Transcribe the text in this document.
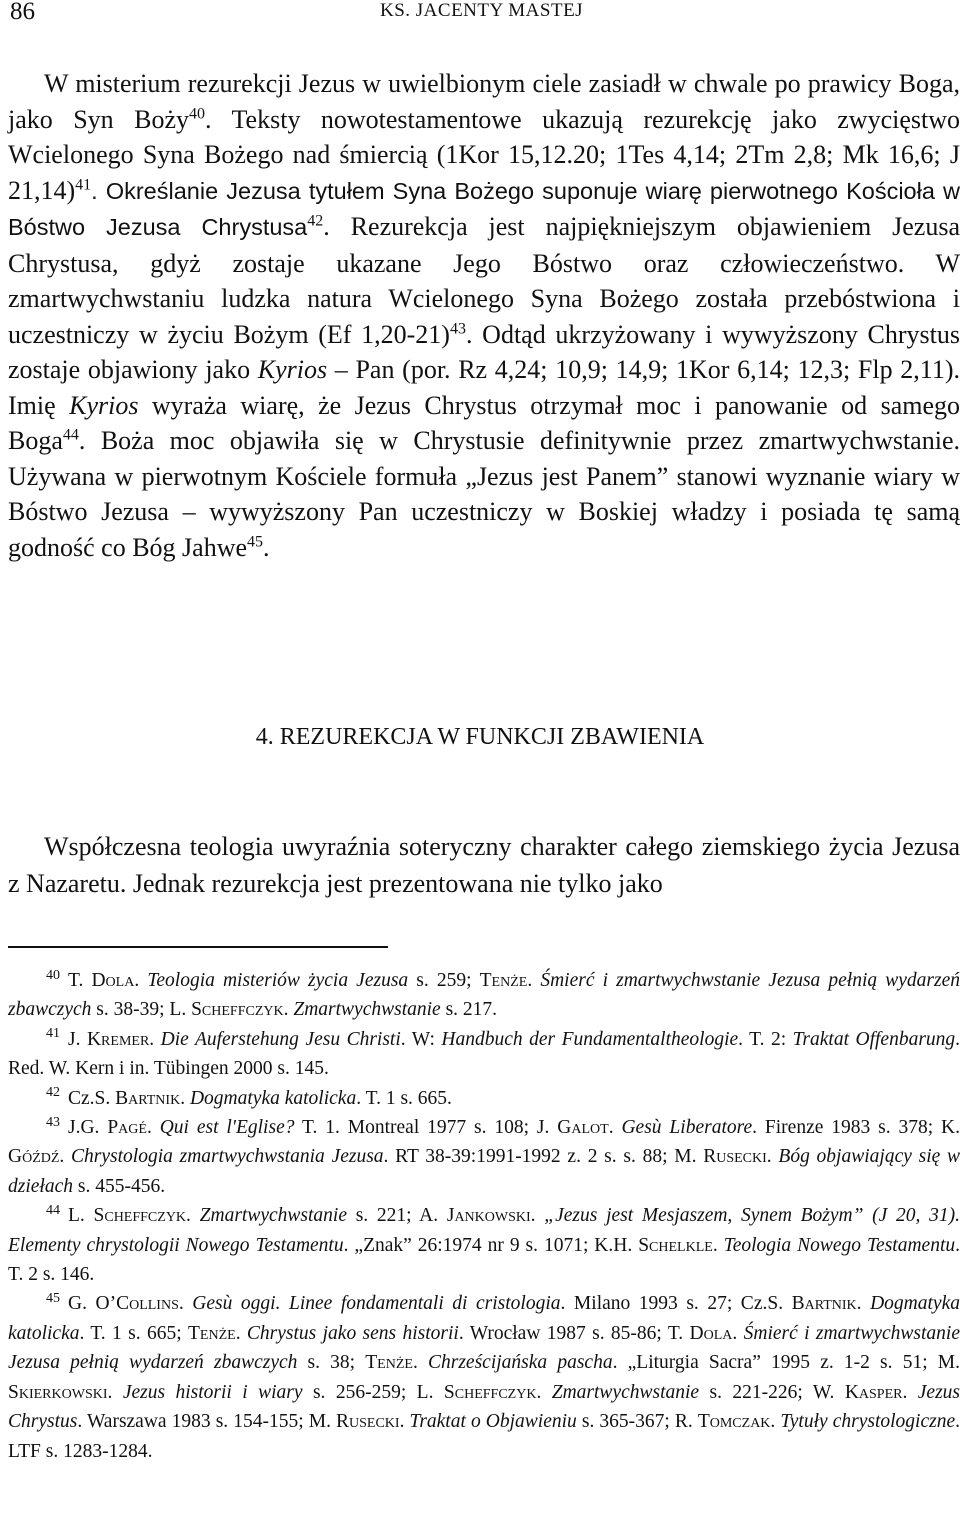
86	KS. JACENTY MASTEJ

W misterium rezurekcji Jezus w uwielbionym ciele zasiadł w chwale po prawicy Boga, jako Syn Boży$^{40}$. Teksty nowotestamentowe ukazują rezurekcję jako zwycięstwo Wcielonego Syna Bożego nad śmiercią (1Kor 15,12.20; 1Tes 4,14; 2Tm 2,8; Mk 16,6; J 21,14)$^{41}$. Określanie Jezusa tytułem Syna Bożego suponuje wiarę pierwotnego Kościoła w Bóstwo Jezusa Chrystusa$^{42}$. Rezurekcja jest najpiękniejszym objawieniem Jezusa Chrystusa, gdyż zostaje ukazane Jego Bóstwo oraz człowieczeństwo. W zmartwychwstaniu ludzka natura Wcielonego Syna Bożego została przebóstwiona i uczestniczy w życiu Bożym (Ef 1,20-21)$^{43}$. Odtąd ukrzyżowany i wywyższony Chrystus zostaje objawiony jako Kyrios – Pan (por. Rz 4,24; 10,9; 14,9; 1Kor 6,14; 12,3; Flp 2,11). Imię Kyrios wyraża wiarę, że Jezus Chrystus otrzymał moc i panowanie od samego Boga$^{44}$. Boża moc objawiła się w Chrystusie definitywnie przez zmartwychwstanie. Używana w pierwotnym Kościele formuła „Jezus jest Panem” stanowi wyznanie wiary w Bóstwo Jezusa – wywyższony Pan uczestniczy w Boskiej władzy i posiada tę samą godność co Bóg Jahwe$^{45}$.

4. REZUREKCJA W FUNKCJI ZBAWIENIA

Współczesna teologia uwyraźnia soteryczny charakter całego ziemskiego życia Jezusa z Nazaretu. Jednak rezurekcja jest prezentowana nie tylko jako

$^{40}$ T. Dola. Teologia misteriów życia Jezusa s. 259; Tenże. Śmierć i zmartwychwstanie Jezusa pełnią wydarzeń zbawczych s. 38-39; L. Scheffczyk. Zmartwychwstanie s. 217.

$^{41}$ J. Kremer. Die Auferstehung Jesu Christi. W: Handbuch der Fundamentaltheologie. T. 2: Traktat Offenbarung. Red. W. Kern i in. Tübingen 2000 s. 145.

$^{42}$ Cz.S. Bartnik. Dogmatyka katolicka. T. 1 s. 665.

$^{43}$ J.G. Pagé. Qui est l'Eglise? T. 1. Montreal 1977 s. 108; J. Galot. Gesù Liberatore. Firenze 1983 s. 378; K. Góźdź. Chrystologia zmartwychwstania Jezusa. RT 38-39:1991-1992 z. 2 s. s. 88; M. Rusecki. Bóg objawiający się w dziełach s. 455-456.

$^{44}$ L. Scheffczyk. Zmartwychwstanie s. 221; A. Jankowski. „Jezus jest Mesjaszem, Synem Bożym” (J 20, 31). Elementy chrystologii Nowego Testamentu. „Znak” 26:1974 nr 9 s. 1071; K.H. Schelkle. Teologia Nowego Testamentu. T. 2 s. 146.

$^{45}$ G. O’Collins. Gesù oggi. Linee fondamentali di cristologia. Milano 1993 s. 27; Cz.S. Bartnik. Dogmatyka katolicka. T. 1 s. 665; Tenże. Chrystus jako sens historii. Wrocław 1987 s. 85-86; T. Dola. Śmierć i zmartwychwstanie Jezusa pełnią wydarzeń zbawczych s. 38; Tenże. Chrześcijańska pascha. „Liturgia Sacra” 1995 z. 1-2 s. 51; M. Skierkowski. Jezus historii i wiary s. 256-259; L. Scheffczyk. Zmartwychwstanie s. 221-226; W. Kasper. Jezus Chrystus. Warszawa 1983 s. 154-155; M. Rusecki. Traktat o Objawieniu s. 365-367; R. Tomczak. Tytuły chrystologiczne. LTF s. 1283-1284.
